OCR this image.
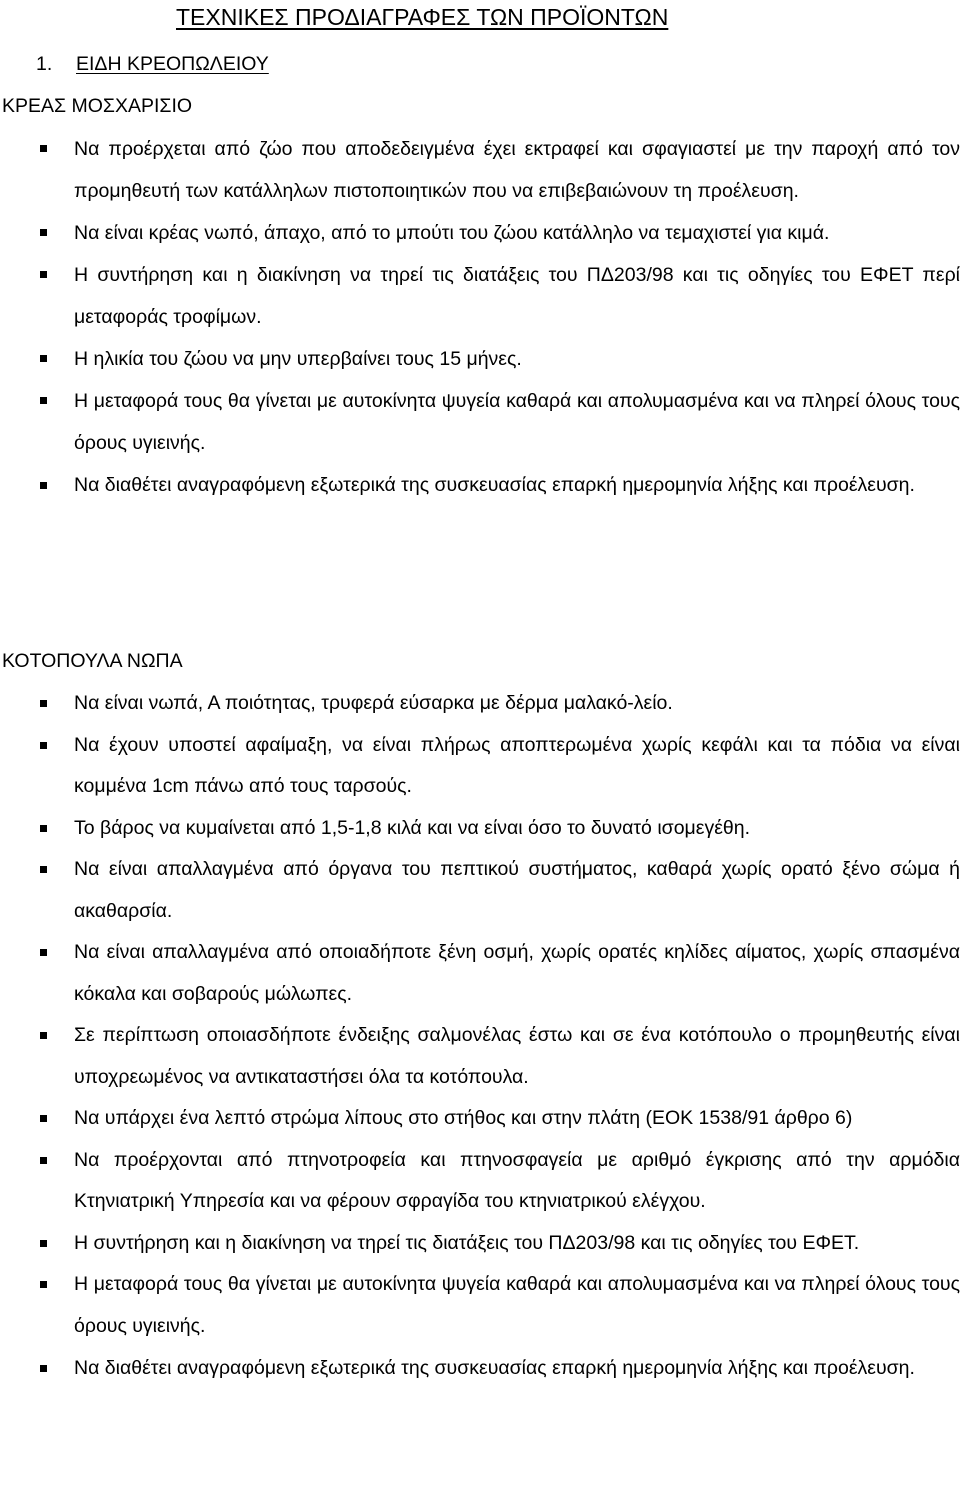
ΤΕΧΝΙΚΕΣ ΠΡΟΔΙΑΓΡΑΦΕΣ ΤΩΝ ΠΡΟΪΟΝΤΩΝ
1. ΕΙΔΗ ΚΡΕΟΠΩΛΕΙΟΥ
ΚΡΕΑΣ ΜΟΣΧΑΡΙΣΙΟ
Να προέρχεται από ζώο που αποδεδειγμένα έχει εκτραφεί και σφαγιαστεί με την παροχή από τον προμηθευτή των κατάλληλων πιστοποιητικών που να επιβεβαιώνουν τη προέλευση.
Να είναι κρέας νωπό, άπαχο, από το μπούτι του ζώου κατάλληλο να τεμαχιστεί για κιμά.
Η συντήρηση και η διακίνηση να τηρεί τις διατάξεις του ΠΔ203/98 και τις οδηγίες του ΕΦΕΤ περί μεταφοράς τροφίμων.
Η ηλικία του ζώου να μην υπερβαίνει τους 15 μήνες.
Η μεταφορά τους θα γίνεται με αυτοκίνητα ψυγεία καθαρά και απολυμασμένα και να πληρεί όλους τους όρους υγιεινής.
Να διαθέτει αναγραφόμενη εξωτερικά της συσκευασίας επαρκή ημερομηνία λήξης και προέλευση.
ΚΟΤΟΠΟΥΛΑ ΝΩΠΑ
Να είναι νωπά, Α ποιότητας, τρυφερά εύσαρκα με δέρμα μαλακό-λείο.
Να έχουν υποστεί αφαίμαξη, να είναι πλήρως αποπτερωμένα χωρίς κεφάλι και τα πόδια να είναι κομμένα 1cm πάνω από τους ταρσούς.
Το βάρος να κυμαίνεται από 1,5-1,8 κιλά και να είναι όσο το δυνατό ισομεγέθη.
Να είναι απαλλαγμένα από όργανα του πεπτικού συστήματος, καθαρά χωρίς ορατό ξένο σώμα ή ακαθαρσία.
Να είναι απαλλαγμένα από οποιαδήποτε ξένη οσμή, χωρίς ορατές κηλίδες αίματος, χωρίς σπασμένα κόκαλα και σοβαρούς μώλωπες.
Σε περίπτωση οποιασδήποτε ένδειξης σαλμονέλας έστω και σε ένα κοτόπουλο ο προμηθευτής είναι υποχρεωμένος να αντικαταστήσει όλα τα κοτόπουλα.
Να υπάρχει ένα λεπτό στρώμα λίπους στο στήθος και στην πλάτη (ΕΟΚ 1538/91 άρθρο 6)
Να προέρχονται από πτηνοτροφεία και πτηνοσφαγεία με αριθμό έγκρισης από την αρμόδια Κτηνιατρική Υπηρεσία και να φέρουν σφραγίδα του κτηνιατρικού ελέγχου.
Η συντήρηση και η διακίνηση να τηρεί τις διατάξεις του ΠΔ203/98 και τις οδηγίες του ΕΦΕΤ.
Η μεταφορά τους θα γίνεται με αυτοκίνητα ψυγεία καθαρά και απολυμασμένα και να πληρεί όλους τους όρους υγιεινής.
Να διαθέτει αναγραφόμενη εξωτερικά της συσκευασίας επαρκή ημερομηνία λήξης και προέλευση.
